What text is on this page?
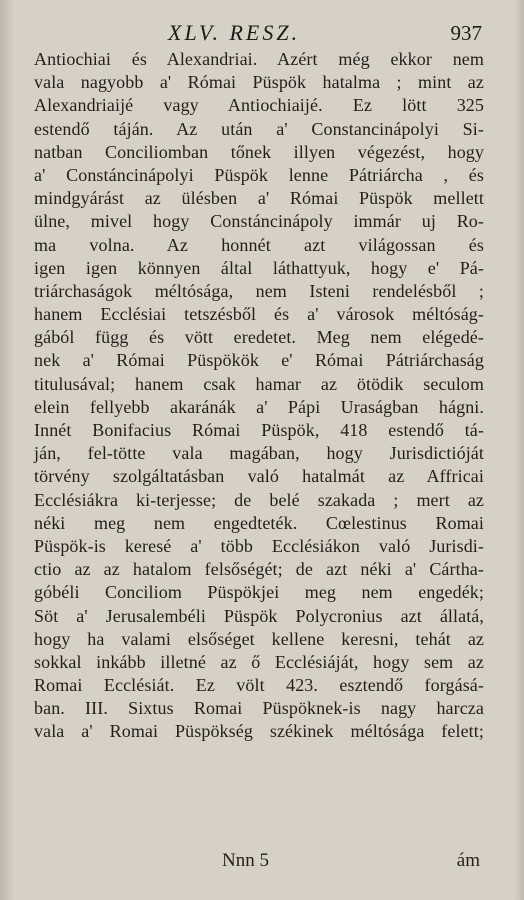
XLV. RESZ.	937
Antiochiai és Alexandriai. Azért még ekkor nem
vala nagyobb a' Római Püspök hatalma ; mint az
Alexandriaijé vagy Antiochiaijé. Ez lött 325
estendő táján. Az után a' Constancinápolyi Si-
natban Conciliomban tőnek illyen végezést, hogy
a' Constáncinápolyi Püspök lenne Pátriárcha , és
mindgyárást az ülésben a' Római Püspök mellett
ülne, mivel hogy Constáncinápoly immár uj Ro-
ma volna. Az honnét azt világossan és
igen igen könnyen által láthattyuk, hogy e' Pá-
triárchaságok méltósága, nem Isteni rendelésből ;
hanem Ecclésiai tetszésből és a' városok méltóság-
gából függ és vött eredetet. Meg nem elégedé-
nek a' Római Püspökök e' Római Pátriárchaság
titulusával; hanem csak hamar az ötödik seculom
elein fellyebb akaránák a' Pápi Uraságban hágni.
Innét Bonifacius Római Püspök, 418 estendő tá-
ján, fel-tötte vala magában, hogy Jurisdictióját
törvény szolgáltatásban való hatalmát az Affricai
Ecclésiákra ki-terjesse; de belé szakada ; mert az
néki meg nem engedteték. Cœlestinus Romai
Püspök-is keresé a' több Ecclésiákon való Jurisdi-
ctio az az hatalom felsőségét; de azt néki a' Cártha-
góbéli Conciliom Püspökjei meg nem engedék;
Söt a' Jerusalembéli Püspök Polycronius azt állatá,
hogy ha valami elsőséget kellene keresni, tehát az
sokkal inkább illetné az ő Ecclésiáját, hogy sem az
Romai Ecclésiát. Ez völt 423. esztendő forgásá-
ban. III. Sixtus Romai Püspöknek-is nagy harcza
vala a' Romai Püspökség székinek méltósága felett;
Nnn 5	ám
